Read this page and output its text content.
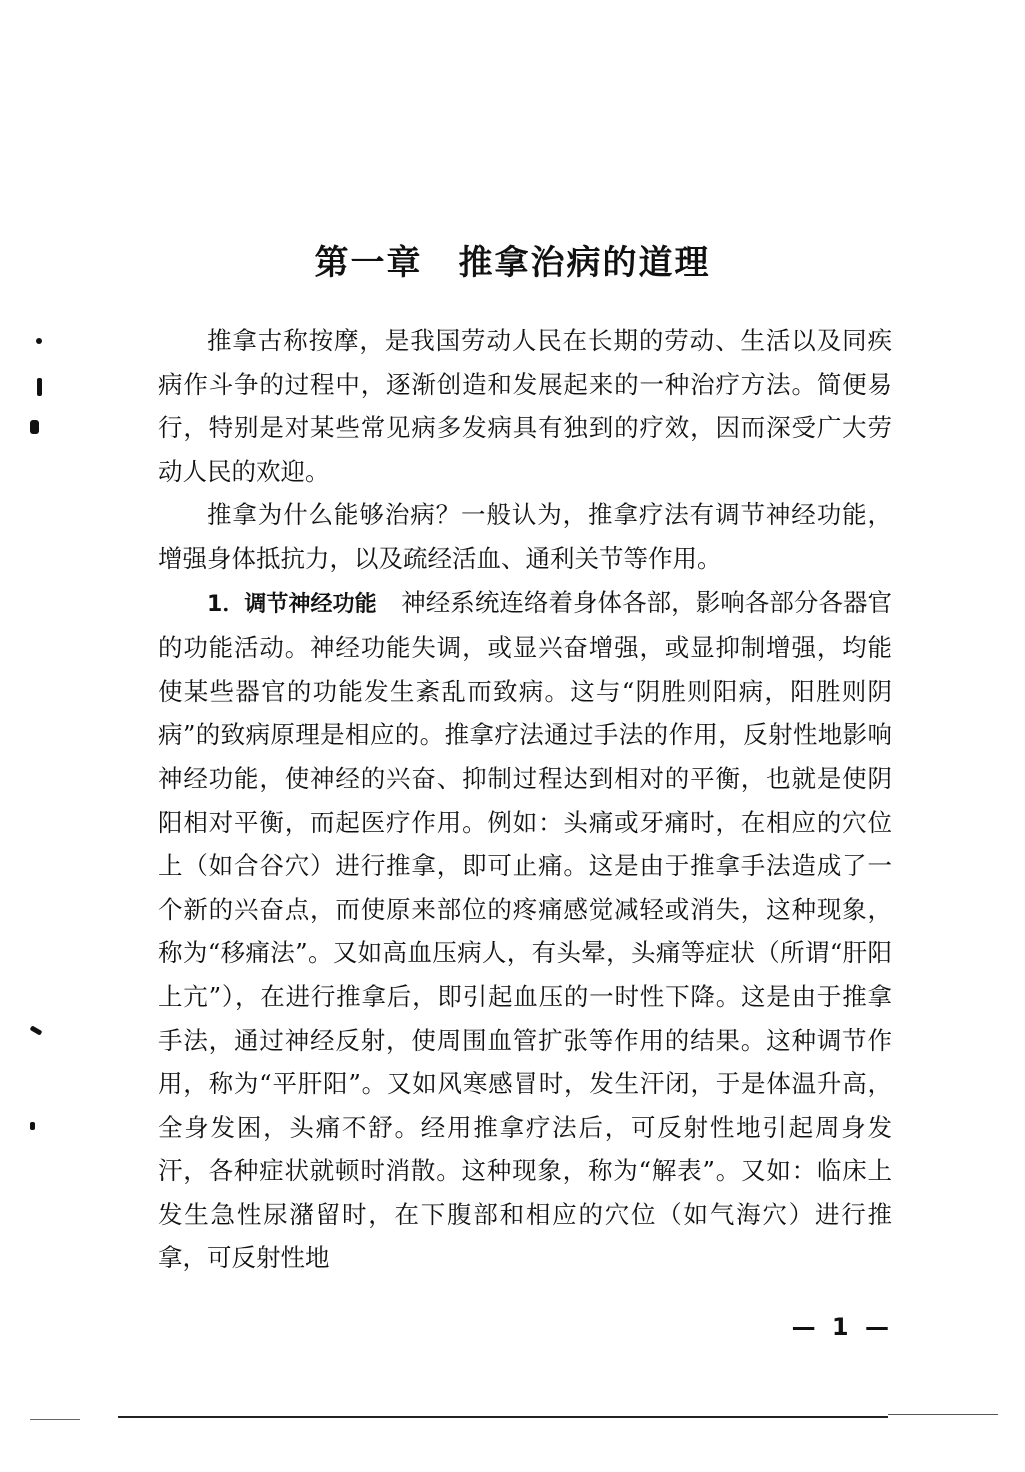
第一章　推拿治病的道理

推拿古称按摩，是我国劳动人民在长期的劳动、生活以及同疾病作斗争的过程中，逐渐创造和发展起来的一种治疗方法。简便易行，特别是对某些常见病多发病具有独到的疗效，因而深受广大劳动人民的欢迎。

推拿为什么能够治病？一般认为，推拿疗法有调节神经功能，增强身体抵抗力，以及疏经活血、通利关节等作用。

1．调节神经功能　 神经系统连络着身体各部，影响各部分各器官的功能活动。神经功能失调，或显兴奋增强，或显抑制增强，均能使某些器官的功能发生紊乱而致病。这与“阴胜则阳病，阳胜则阴病”的致病原理是相应的。推拿疗法通过手法的作用，反射性地影响神经功能，使神经的兴奋、抑制过程达到相对的平衡，也就是使阴阳相对平衡，而起医疗作用。例如：头痛或牙痛时，在相应的穴位上（如合谷穴）进行推拿，即可止痛。这是由于推拿手法造成了一个新的兴奋点，而使原来部位的疼痛感觉减轻或消失，这种现象，称为“移痛法”。又如高血压病人，有头晕，头痛等症状（所谓“肝阳上亢”），在进行推拿后，即引起血压的一时性下降。这是由于推拿手法，通过神经反射，使周围血管扩张等作用的结果。这种调节作用，称为“平肝阳”。又如风寒感冒时，发生汗闭，于是体温升高，全身发困，头痛不舒。经用推拿疗法后，可反射性地引起周身发汗，各种症状就顿时消散。这种现象，称为“解表”。又如：临床上发生急性尿潴留时，在下腹部和相应的穴位（如气海穴）进行推拿，可反射性地

— 1 —
